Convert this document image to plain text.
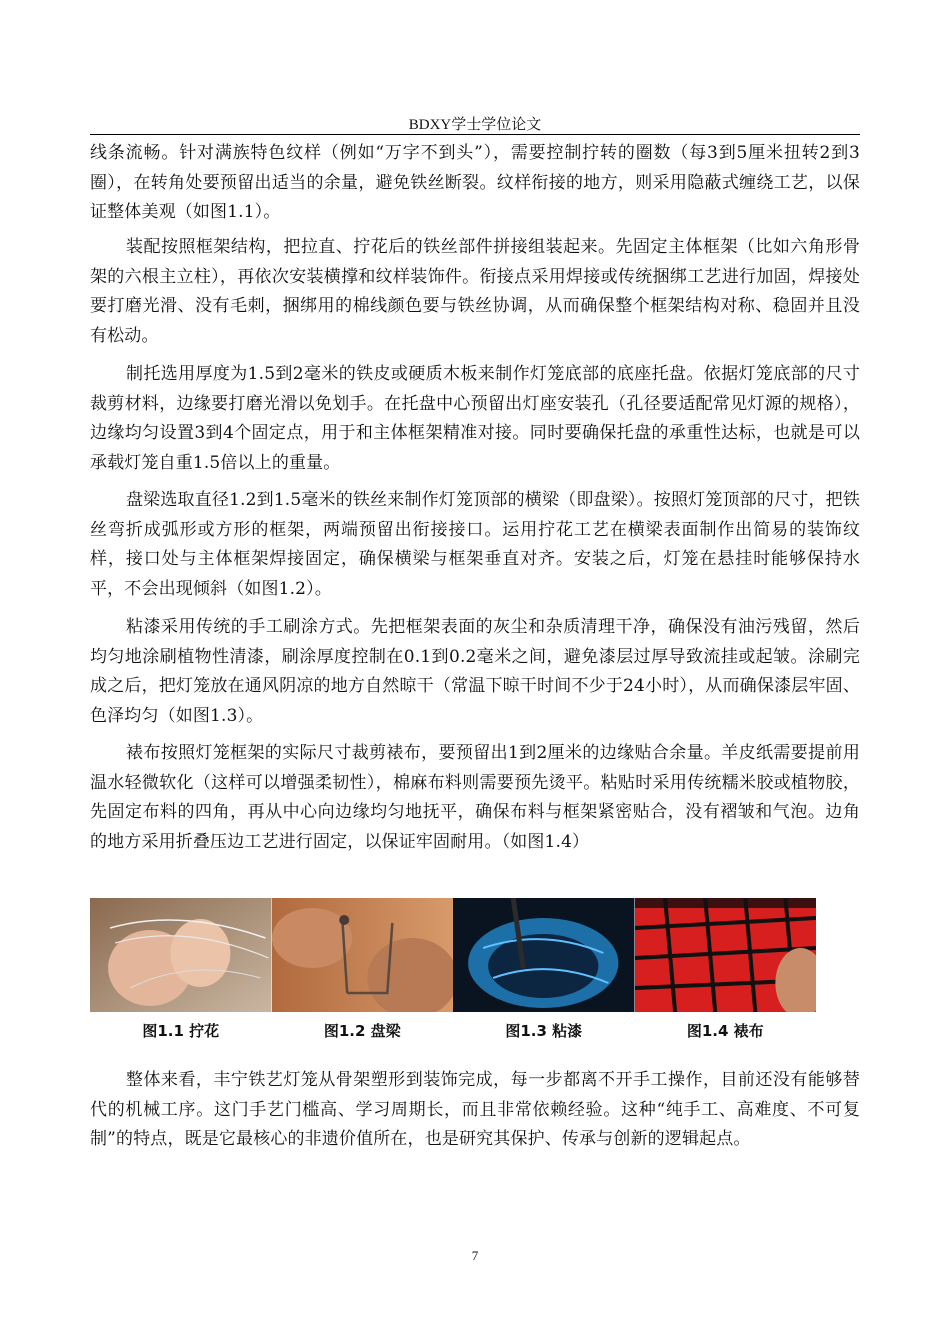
BDXY学士学位论文

线条流畅。针对满族特色纹样（例如“万字不到头”），需要控制拧转的圈数（每3到5厘米扭转2到3圈），在转角处要预留出适当的余量，避免铁丝断裂。纹样衔接的地方，则采用隐蔽式缠绕工艺，以保证整体美观（如图1.1）。

装配按照框架结构，把拉直、拧花后的铁丝部件拼接组装起来。先固定主体框架（比如六角形骨架的六根主立柱），再依次安装横撑和纹样装饰件。衔接点采用焊接或传统捆绑工艺进行加固，焊接处要打磨光滑、没有毛刺，捆绑用的棉线颜色要与铁丝协调，从而确保整个框架结构对称、稳固并且没有松动。

制托选用厚度为1.5到2毫米的铁皮或硬质木板来制作灯笼底部的底座托盘。依据灯笼底部的尺寸裁剪材料，边缘要打磨光滑以免划手。在托盘中心预留出灯座安装孔（孔径要适配常见灯源的规格），边缘均匀设置3到4个固定点，用于和主体框架精准对接。同时要确保托盘的承重性达标，也就是可以承载灯笼自重1.5倍以上的重量。

盘梁选取直径1.2到1.5毫米的铁丝来制作灯笼顶部的横梁（即盘梁）。按照灯笼顶部的尺寸，把铁丝弯折成弧形或方形的框架，两端预留出衔接接口。运用拧花工艺在横梁表面制作出简易的装饰纹样，接口处与主体框架焊接固定，确保横梁与框架垂直对齐。安装之后，灯笼在悬挂时能够保持水平，不会出现倾斜（如图1.2）。

粘漆采用传统的手工刷涂方式。先把框架表面的灰尘和杂质清理干净，确保没有油污残留，然后均匀地涂刷植物性清漆，刷涂厚度控制在0.1到0.2毫米之间，避免漆层过厚导致流挂或起皱。涂刷完成之后，把灯笼放在通风阴凉的地方自然晾干（常温下晾干时间不少于24小时），从而确保漆层牢固、色泽均匀（如图1.3）。

裱布按照灯笼框架的实际尺寸裁剪裱布，要预留出1到2厘米的边缘贴合余量。羊皮纸需要提前用温水轻微软化（这样可以增强柔韧性），棉麻布料则需要预先烫平。粘贴时采用传统糯米胶或植物胶，先固定布料的四角，再从中心向边缘均匀地抚平，确保布料与框架紧密贴合，没有褶皱和气泡。边角的地方采用折叠压边工艺进行固定，以保证牢固耐用。（如图1.4）

图1.1 拧花	图1.2 盘梁	图1.3 粘漆	图1.4 裱布

整体来看，丰宁铁艺灯笼从骨架塑形到装饰完成，每一步都离不开手工操作，目前还没有能够替代的机械工序。这门手艺门槛高、学习周期长，而且非常依赖经验。这种“纯手工、高难度、不可复制”的特点，既是它最核心的非遗价值所在，也是研究其保护、传承与创新的逻辑起点。

7
